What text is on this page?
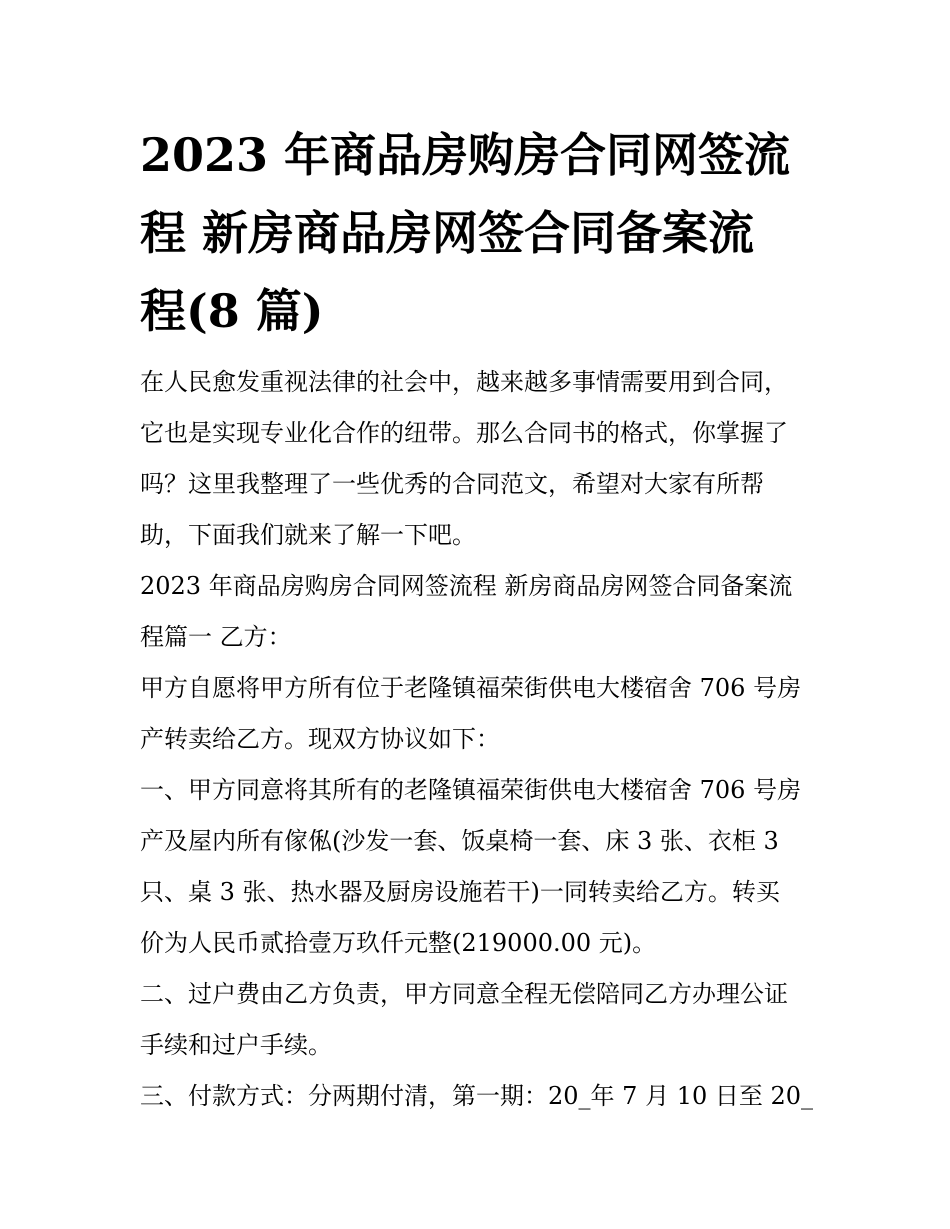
2023 年商品房购房合同网签流
程 新房商品房网签合同备案流
程(8 篇)
在人民愈发重视法律的社会中，越来越多事情需要用到合同，
它也是实现专业化合作的纽带。那么合同书的格式，你掌握了
吗？这里我整理了一些优秀的合同范文，希望对大家有所帮
助，下面我们就来了解一下吧。
2023 年商品房购房合同网签流程 新房商品房网签合同备案流
程篇一 乙方：
甲方自愿将甲方所有位于老隆镇福荣街供电大楼宿舍 706 号房
产转卖给乙方。现双方协议如下：
一、甲方同意将其所有的老隆镇福荣街供电大楼宿舍 706 号房
产及屋内所有傢俬(沙发一套、饭桌椅一套、床 3 张、衣柜 3
只、桌 3 张、热水器及厨房设施若干)一同转卖给乙方。转买
价为人民币贰拾壹万玖仟元整(219000.00 元)。
二、过户费由乙方负责，甲方同意全程无偿陪同乙方办理公证
手续和过户手续。
三、付款方式：分两期付清，第一期：20_年 7 月 10 日至 20_
